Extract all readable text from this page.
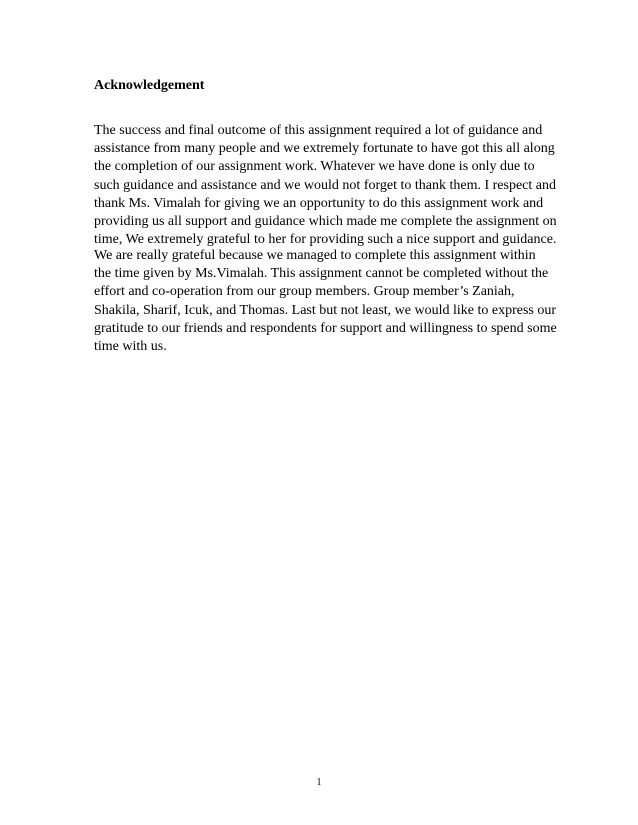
Acknowledgement
The success and final outcome of this assignment required a lot of guidance and
assistance from many people and we extremely fortunate to have got this all along
the completion of our assignment work. Whatever we have done is only due to
such guidance and assistance and we would not forget to thank them. I respect and
thank Ms. Vimalah for giving we an opportunity to do this assignment work and
providing us all support and guidance which made me complete the assignment on
time, We extremely grateful to her for providing such a nice support and guidance.
We are really grateful because we managed to complete this assignment within
the time given by Ms.Vimalah. This assignment cannot be completed without the
effort and co-operation from our group members. Group member’s Zaniah,
Shakila, Sharif, Icuk, and Thomas. Last but not least, we would like to express our
gratitude to our friends and respondents for support and willingness to spend some
time with us.

1
